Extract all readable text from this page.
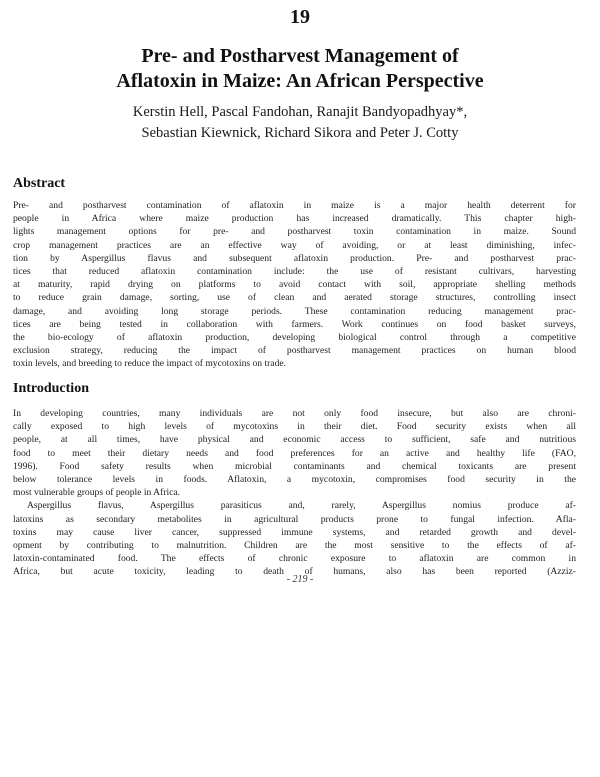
19
Pre- and Postharvest Management of
Aflatoxin in Maize: An African Perspective
Kerstin Hell, Pascal Fandohan, Ranajit Bandyopadhyay*,
Sebastian Kiewnick, Richard Sikora and Peter J. Cotty
Abstract
Pre- and postharvest contamination of aflatoxin in maize is a major health deterrent for
people in Africa where maize production has increased dramatically. This chapter high-
lights management options for pre- and postharvest toxin contamination in maize. Sound
crop management practices are an effective way of avoiding, or at least diminishing, infec-
tion by Aspergillus flavus and subsequent aflatoxin production. Pre- and postharvest prac-
tices that reduced aflatoxin contamination include: the use of resistant cultivars, harvesting
at maturity, rapid drying on platforms to avoid contact with soil, appropriate shelling methods
to reduce grain damage, sorting, use of clean and aerated storage structures, controlling insect
damage, and avoiding long storage periods. These contamination reducing management prac-
tices are being tested in collaboration with farmers. Work continues on food basket surveys,
the bio-ecology of aflatoxin production, developing biological control through a competitive
exclusion strategy, reducing the impact of postharvest management practices on human blood
toxin levels, and breeding to reduce the impact of mycotoxins on trade.
Introduction
In developing countries, many individuals are not only food insecure, but also are chroni-
cally exposed to high levels of mycotoxins in their diet. Food security exists when all
people, at all times, have physical and economic access to sufficient, safe and nutritious
food to meet their dietary needs and food preferences for an active and healthy life (FAO,
1996). Food safety results when microbial contaminants and chemical toxicants are present
below tolerance levels in foods. Aflatoxin, a mycotoxin, compromises food security in the
most vulnerable groups of people in Africa.
Aspergillus flavus, Aspergillus parasiticus and, rarely, Aspergillus nomius produce af-
latoxins as secondary metabolites in agricultural products prone to fungal infection. Afla-
toxins may cause liver cancer, suppressed immune systems, and retarded growth and devel-
opment by contributing to malnutrition. Children are the most sensitive to the effects of af-
latoxin-contaminated food. The effects of chronic exposure to aflatoxin are common in
Africa, but acute toxicity, leading to death of humans, also has been reported (Azziz-
- 219 -
